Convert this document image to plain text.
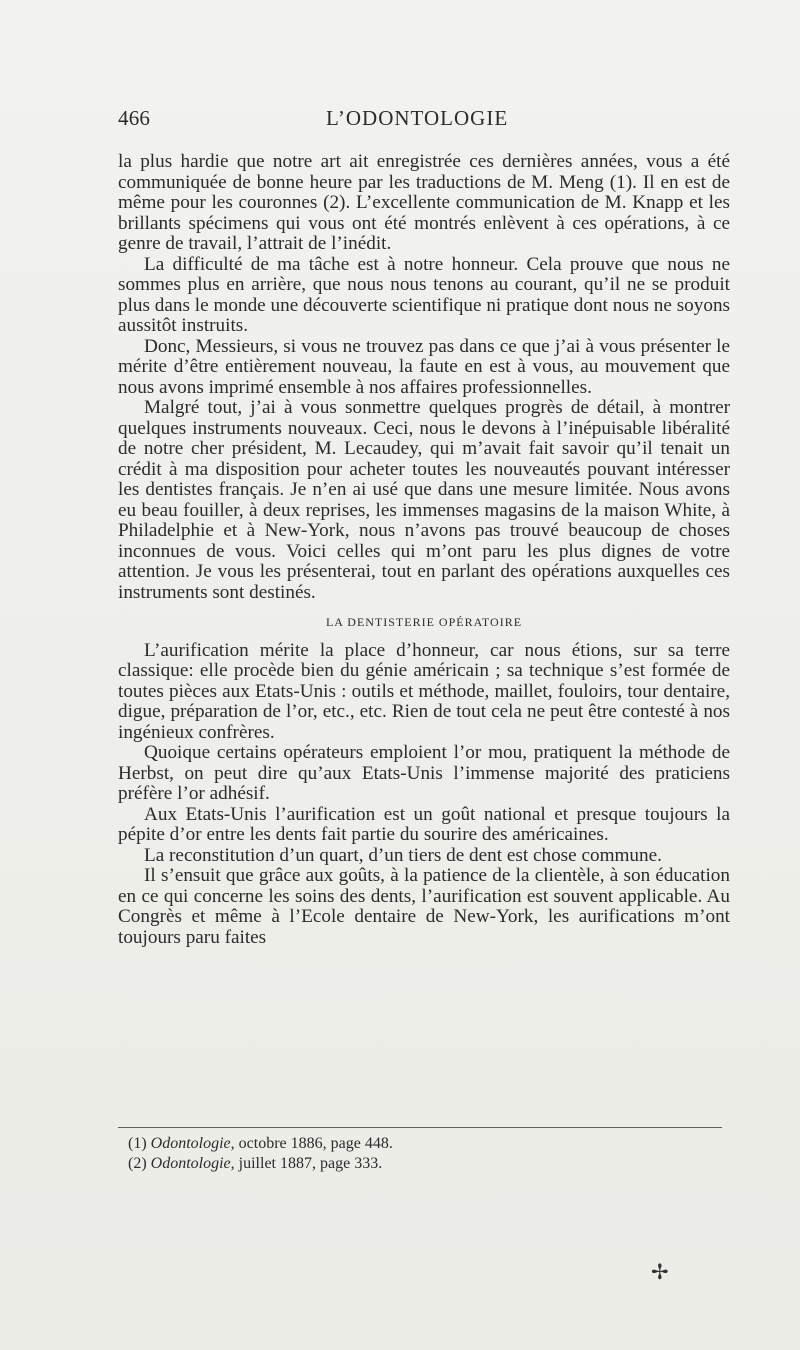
466	L’ODONTOLOGIE

la plus hardie que notre art ait enregistrée ces dernières années, vous a été communiquée de bonne heure par les traductions de M. Meng (1). Il en est de même pour les couronnes (2). L’excellente communication de M. Knapp et les brillants spécimens qui vous ont été montrés enlèvent à ces opérations, à ce genre de travail, l’attrait de l’inédit.

La difficulté de ma tâche est à notre honneur. Cela prouve que nous ne sommes plus en arrière, que nous nous tenons au courant, qu’il ne se produit plus dans le monde une découverte scientifique ni pratique dont nous ne soyons aussitôt instruits.

Donc, Messieurs, si vous ne trouvez pas dans ce que j’ai à vous présenter le mérite d’être entièrement nouveau, la faute en est à vous, au mouvement que nous avons imprimé ensemble à nos affaires professionnelles.

Malgré tout, j’ai à vous sonmettre quelques progrès de détail, à montrer quelques instruments nouveaux. Ceci, nous le devons à l’inépuisable libéralité de notre cher président, M. Lecaudey, qui m’avait fait savoir qu’il tenait un crédit à ma disposition pour acheter toutes les nouveautés pouvant intéresser les dentistes français. Je n’en ai usé que dans une mesure limitée. Nous avons eu beau fouiller, à deux reprises, les immenses magasins de la maison White, à Philadelphie et à New-York, nous n’avons pas trouvé beaucoup de choses inconnues de vous. Voici celles qui m’ont paru les plus dignes de votre attention. Je vous les présenterai, tout en parlant des opérations auxquelles ces instruments sont destinés.

LA DENTISTERIE OPÉRATOIRE

L’aurification mérite la place d’honneur, car nous étions, sur sa terre classique: elle procède bien du génie américain ; sa technique s’est formée de toutes pièces aux Etats-Unis : outils et méthode, maillet, fouloirs, tour dentaire, digue, préparation de l’or, etc., etc. Rien de tout cela ne peut être contesté à nos ingénieux confrères.

Quoique certains opérateurs emploient l’or mou, pratiquent la méthode de Herbst, on peut dire qu’aux Etats-Unis l’immense majorité des praticiens préfère l’or adhésif.

Aux Etats-Unis l’aurification est un goût national et presque toujours la pépite d’or entre les dents fait partie du sourire des américaines.

La reconstitution d’un quart, d’un tiers de dent est chose commune.

Il s’ensuit que grâce aux goûts, à la patience de la clientèle, à son éducation en ce qui concerne les soins des dents, l’aurification est souvent applicable. Au Congrès et même à l’Ecole dentaire de New-York, les aurifications m’ont toujours paru faites

(1) Odontologie, octobre 1886, page 448.

(2) Odontologie, juillet 1887, page 333.

✢
